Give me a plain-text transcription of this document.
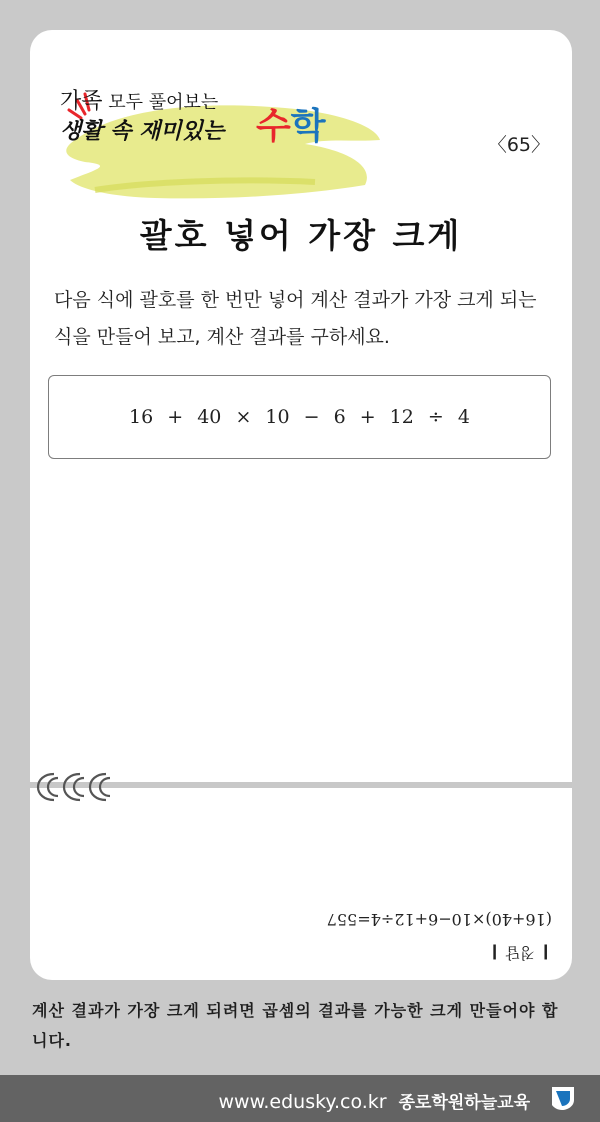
가족 모두 풀어보는
생활 속 재미있는 수학	〈65〉
괄호 넣어 가장 크게
다음 식에 괄호를 한 번만 넣어 계산 결과가 가장 크게 되는 식을 만들어 보고, 계산 결과를 구하세요.
16 + 40 × 10 − 6 + 12 ÷ 4
❙ 정답 ❙
(16+40)×10−6+12÷4=557
계산 결과가 가장 크게 되려면 곱셈의 결과를 가능한 크게 만들어야 합니다.
www.edusky.co.kr 종로학원하늘교육
